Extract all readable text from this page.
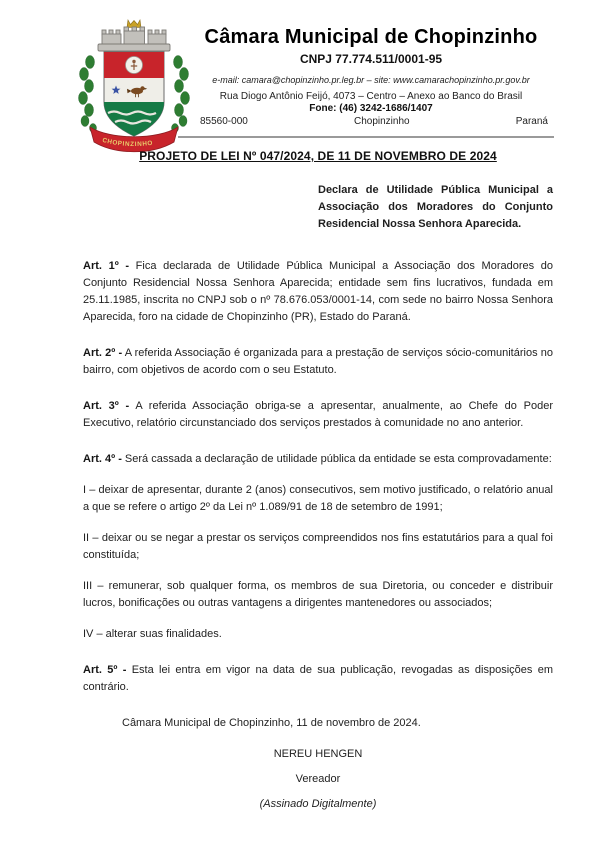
CHOPINZINHO
Câmara Municipal de Chopinzinho
CNPJ 77.774.511/0001-95
e-mail: camara@chopinzinho.pr.leg.br – site: www.camarachopinzinho.pr.gov.br
Rua Diogo Antônio Feijó, 4073 – Centro – Anexo ao Banco do Brasil
Fone: (46) 3242-1686/1407
85560-000	Chopinzinho	Paraná
PROJETO DE LEI Nº 047/2024, DE 11 DE NOVEMBRO DE 2024
Declara de Utilidade Pública Municipal a Associação dos Moradores do Conjunto Residencial Nossa Senhora Aparecida.

Art. 1º - Fica declarada de Utilidade Pública Municipal a Associação dos Moradores do Conjunto Residencial Nossa Senhora Aparecida; entidade sem fins lucrativos, fundada em 25.11.1985, inscrita no CNPJ sob o nº 78.676.053/0001-14, com sede no bairro Nossa Senhora Aparecida, foro na cidade de Chopinzinho (PR), Estado do Paraná.

Art. 2º - A referida Associação é organizada para a prestação de serviços sócio-comunitários no bairro, com objetivos de acordo com o seu Estatuto.

Art. 3º - A referida Associação obriga-se a apresentar, anualmente, ao Chefe do Poder Executivo, relatório circunstanciado dos serviços prestados à comunidade no ano anterior.

Art. 4º - Será cassada a declaração de utilidade pública da entidade se esta comprovadamente:

I – deixar de apresentar, durante 2 (anos) consecutivos, sem motivo justificado, o relatório anual a que se refere o artigo 2º da Lei nº 1.089/91 de 18 de setembro de 1991;

II – deixar ou se negar a prestar os serviços compreendidos nos fins estatutários para a qual foi constituída;

III – remunerar, sob qualquer forma, os membros de sua Diretoria, ou conceder e distribuir lucros, bonificações ou outras vantagens a dirigentes mantenedores ou associados;

IV – alterar suas finalidades.

Art. 5º - Esta lei entra em vigor na data de sua publicação, revogadas as disposições em contrário.

Câmara Municipal de Chopinzinho, 11 de novembro de 2024.

NEREU HENGEN

Vereador

(Assinado Digitalmente)
